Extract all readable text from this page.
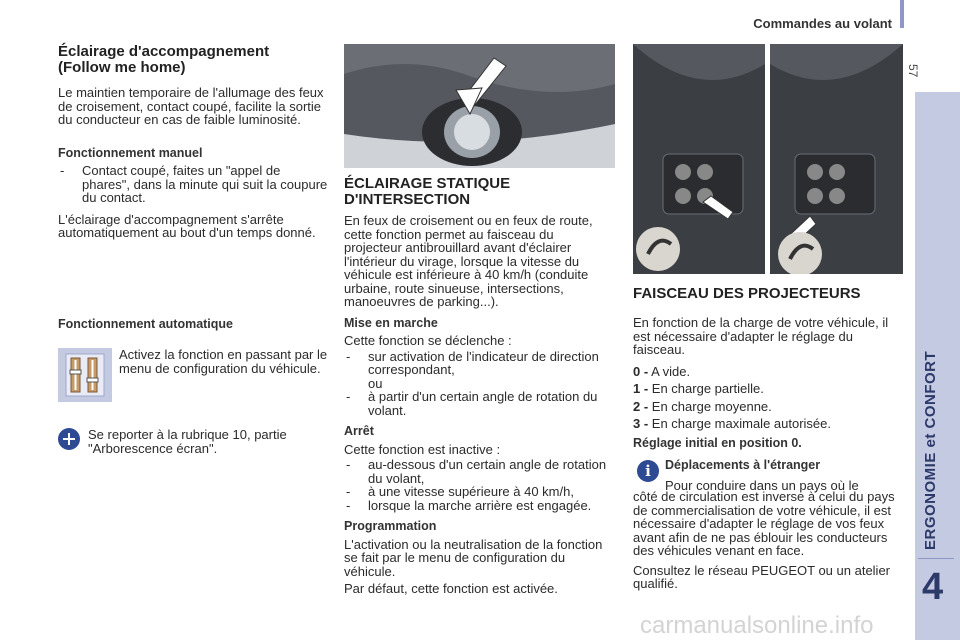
Commandes au volant
57
ERGONOMIE et CONFORT
4
Éclairage d'accompagnement
(Follow me home)

Le maintien temporaire de l'allumage des feux de croisement, contact coupé, facilite la sortie du conducteur en cas de faible luminosité.

Fonctionnement manuel

- Contact coupé, faites un "appel de phares", dans la minute qui suit la coupure du contact.

L'éclairage d'accompagnement s'arrête automatiquement au bout d'un temps donné.

Fonctionnement automatique
Activez la fonction en passant par le menu de configuration du véhicule.
Se reporter à la rubrique 10, partie "Arborescence écran".
ÉCLAIRAGE STATIQUE
D'INTERSECTION

En feux de croisement ou en feux de route, cette fonction permet au faisceau du projecteur antibrouillard avant d'éclairer l'intérieur du virage, lorsque la vitesse du véhicule est inférieure à 40 km/h (conduite urbaine, route sinueuse, intersections, manoeuvres de parking...).

Mise en marche

Cette fonction se déclenche :

- sur activation de l'indicateur de direction correspondant,

ou

- à partir d'un certain angle de rotation du volant.

Arrêt

Cette fonction est inactive :

- au-dessous d'un certain angle de rotation du volant,

- à une vitesse supérieure à 40 km/h,

- lorsque la marche arrière est engagée.

Programmation

L'activation ou la neutralisation de la fonction se fait par le menu de configuration du véhicule.

Par défaut, cette fonction est activée.

FAISCEAU DES PROJECTEURS

En fonction de la charge de votre véhicule, il est nécessaire d'adapter le réglage du faisceau.

0 - A vide.

1 - En charge partielle.

2 - En charge moyenne.

3 - En charge maximale autorisée.

Réglage initial en position 0.
i	Déplacements à l'étranger

Pour conduire dans un pays où le

côté de circulation est inverse à celui du pays de commercialisation de votre véhicule, il est nécessaire d'adapter le réglage de vos feux avant afin de ne pas éblouir les conducteurs des véhicules venant en face.

Consultez le réseau PEUGEOT ou un atelier qualifié.

carmanualsonline.info
